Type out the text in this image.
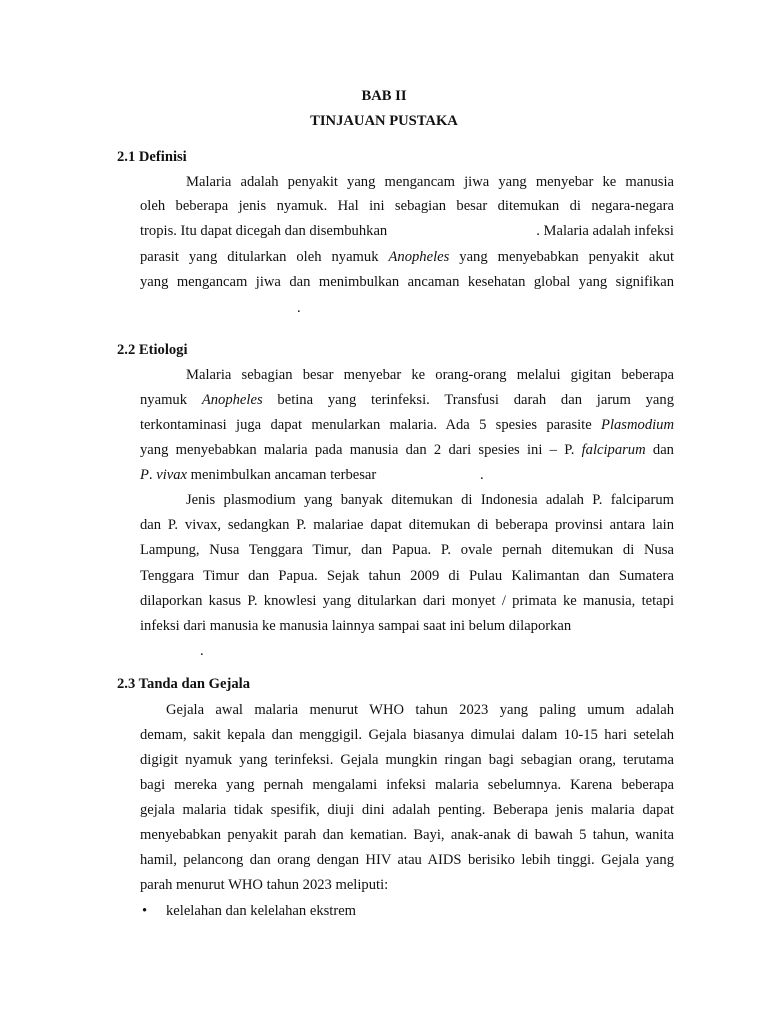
BAB II
TINJAUAN PUSTAKA
2.1 Definisi
Malaria adalah penyakit yang mengancam jiwa yang menyebar ke manusia
oleh beberapa jenis nyamuk. Hal ini sebagian besar ditemukan di negara-negara
tropis. Itu dapat dicegah dan disembuhkan	. Malaria adalah infeksi
parasit yang ditularkan oleh nyamuk Anopheles yang menyebabkan penyakit akut
yang mengancam jiwa dan menimbulkan ancaman kesehatan global yang signifikan
.
2.2 Etiologi
Malaria sebagian besar menyebar ke orang-orang melalui gigitan beberapa
nyamuk Anopheles betina yang terinfeksi. Transfusi darah dan jarum yang
terkontaminasi juga dapat menularkan malaria. Ada 5 spesies parasite Plasmodium
yang menyebabkan malaria pada manusia dan 2 dari spesies ini – P. falciparum dan
P. vivax menimbulkan ancaman terbesar	.
Jenis plasmodium yang banyak ditemukan di Indonesia adalah P. falciparum
dan P. vivax, sedangkan P. malariae dapat ditemukan di beberapa provinsi antara lain
Lampung, Nusa Tenggara Timur, dan Papua. P. ovale pernah ditemukan di Nusa
Tenggara Timur dan Papua. Sejak tahun 2009 di Pulau Kalimantan dan Sumatera
dilaporkan kasus P. knowlesi yang ditularkan dari monyet / primata ke manusia, tetapi
infeksi dari manusia ke manusia lainnya sampai saat ini belum dilaporkan
.
2.3 Tanda dan Gejala
Gejala awal malaria menurut WHO tahun 2023 yang paling umum adalah
demam, sakit kepala dan menggigil. Gejala biasanya dimulai dalam 10-15 hari setelah
digigit nyamuk yang terinfeksi. Gejala mungkin ringan bagi sebagian orang, terutama
bagi mereka yang pernah mengalami infeksi malaria sebelumnya. Karena beberapa
gejala malaria tidak spesifik, diuji dini adalah penting. Beberapa jenis malaria dapat
menyebabkan penyakit parah dan kematian. Bayi, anak-anak di bawah 5 tahun, wanita
hamil, pelancong dan orang dengan HIV atau AIDS berisiko lebih tinggi. Gejala yang
parah menurut WHO tahun 2023 meliputi:
• kelelahan dan kelelahan ekstrem
